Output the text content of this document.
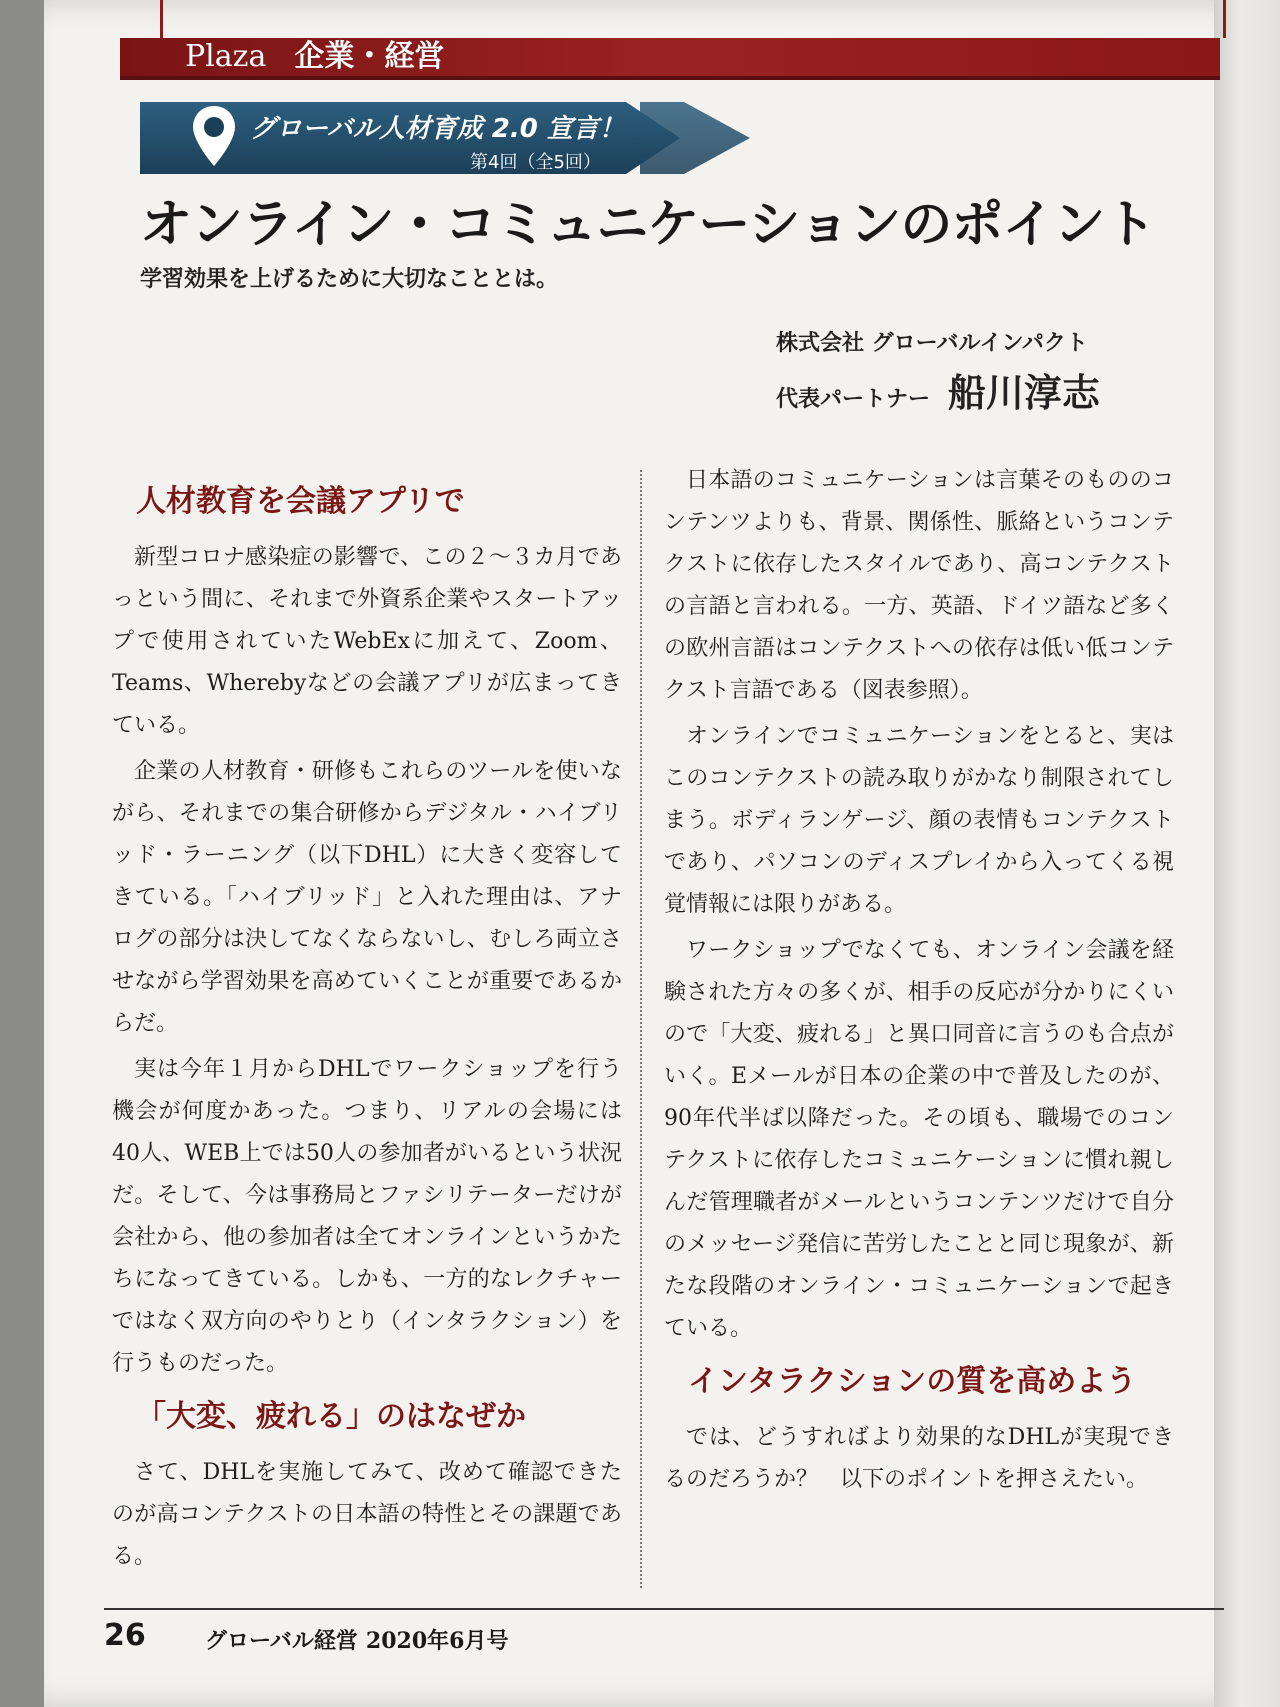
Plaza 企業・経営
グローバル人材育成 2.0 宣言！
第4回（全5回）
オンライン・コミュニケーションのポイント
学習効果を上げるために大切なこととは。
株式会社 グローバルインパクト
代表パートナー 船川淳志
人材教育を会議アプリで

新型コロナ感染症の影響で、この２～３カ月であっという間に、それまで外資系企業やスタートアップで使用されていたWebExに加えて、Zoom、Teams、Wherebyなどの会議アプリが広まってきている。

企業の人材教育・研修もこれらのツールを使いながら、それまでの集合研修からデジタル・ハイブリッド・ラーニング（以下DHL）に大きく変容してきている。「ハイブリッド」と入れた理由は、アナログの部分は決してなくならないし、むしろ両立させながら学習効果を高めていくことが重要であるからだ。

実は今年１月からDHLでワークショップを行う機会が何度かあった。つまり、リアルの会場には40人、WEB上では50人の参加者がいるという状況だ。そして、今は事務局とファシリテーターだけが会社から、他の参加者は全てオンラインというかたちになってきている。しかも、一方的なレクチャーではなく双方向のやりとり（インタラクション）を行うものだった。

「大変、疲れる」のはなぜか

さて、DHLを実施してみて、改めて確認できたのが高コンテクストの日本語の特性とその課題である。

日本語のコミュニケーションは言葉そのもののコンテンツよりも、背景、関係性、脈絡というコンテクストに依存したスタイルであり、高コンテクストの言語と言われる。一方、英語、ドイツ語など多くの欧州言語はコンテクストへの依存は低い低コンテクスト言語である（図表参照）。

オンラインでコミュニケーションをとると、実はこのコンテクストの読み取りがかなり制限されてしまう。ボディランゲージ、顔の表情もコンテクストであり、パソコンのディスプレイから入ってくる視覚情報には限りがある。

ワークショップでなくても、オンライン会議を経験された方々の多くが、相手の反応が分かりにくいので「大変、疲れる」と異口同音に言うのも合点がいく。Eメールが日本の企業の中で普及したのが、90年代半ば以降だった。その頃も、職場でのコンテクストに依存したコミュニケーションに慣れ親しんだ管理職者がメールというコンテンツだけで自分のメッセージ発信に苦労したことと同じ現象が、新たな段階のオンライン・コミュニケーションで起きている。

インタラクションの質を高めよう

では、どうすればより効果的なDHLが実現できるのだろうか？　以下のポイントを押さえたい。

26	グローバル経営 2020年6月号
